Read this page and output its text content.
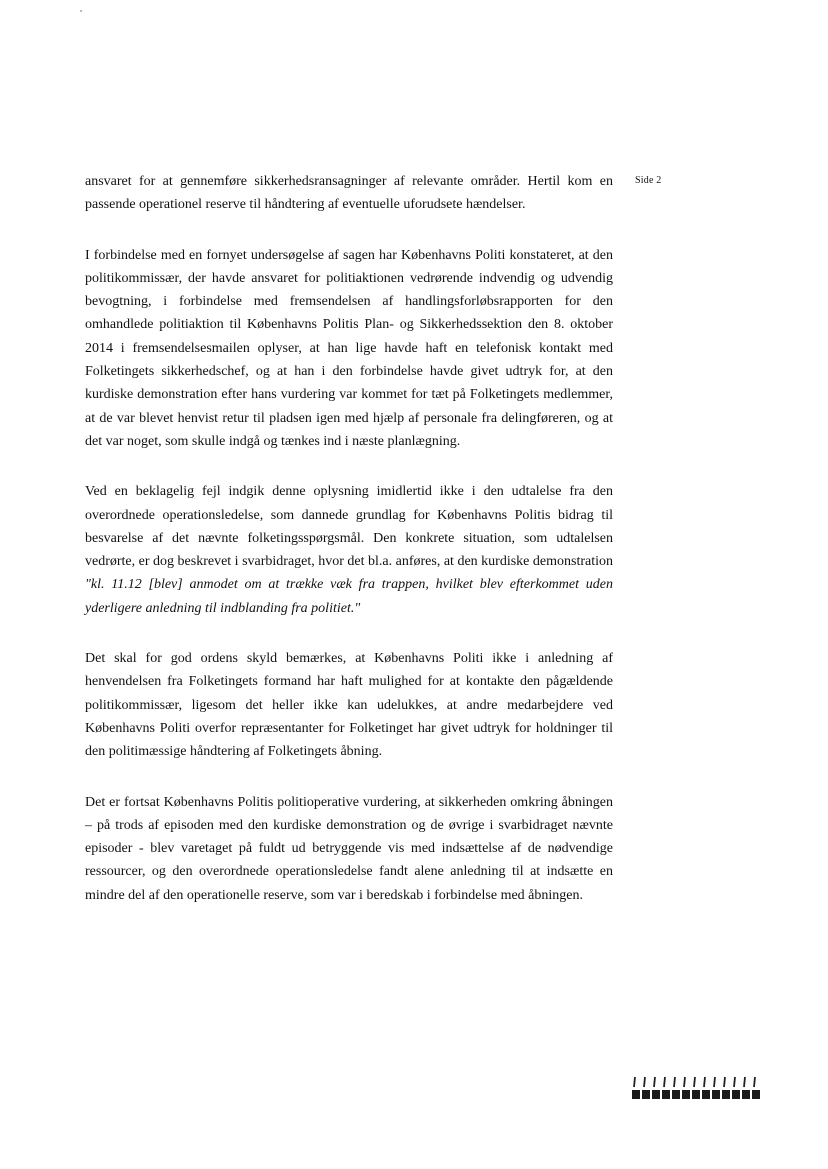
Side 2

ansvaret for at gennemføre sikkerhedsransagninger af relevante områder. Hertil kom en passende operationel reserve til håndtering af eventuelle uforudsete hændelser.

I forbindelse med en fornyet undersøgelse af sagen har Københavns Politi konstateret, at den politikommissær, der havde ansvaret for politiaktionen vedrørende indvendig og udvendig bevogtning, i forbindelse med fremsendelsen af handlingsforløbsrapporten for den omhandlede politiaktion til Københavns Politis Plan- og Sikkerhedssektion den 8. oktober 2014 i fremsendelsesmailen oplyser, at han lige havde haft en telefonisk kontakt med Folketingets sikkerhedschef, og at han i den forbindelse havde givet udtryk for, at den kurdiske demonstration efter hans vurdering var kommet for tæt på Folketingets medlemmer, at de var blevet henvist retur til pladsen igen med hjælp af personale fra delingføreren, og at det var noget, som skulle indgå og tænkes ind i næste planlægning.

Ved en beklagelig fejl indgik denne oplysning imidlertid ikke i den udtalelse fra den overordnede operationsledelse, som dannede grundlag for Københavns Politis bidrag til besvarelse af det nævnte folketingsspørgsmål. Den konkrete situation, som udtalelsen vedrørte, er dog beskrevet i svarbidraget, hvor det bl.a. anføres, at den kurdiske demonstration "kl. 11.12 [blev] anmodet om at trække væk fra trappen, hvilket blev efterkommet uden yderligere anledning til indblanding fra politiet."

Det skal for god ordens skyld bemærkes, at Københavns Politi ikke i anledning af henvendelsen fra Folketingets formand har haft mulighed for at kontakte den pågældende politikommissær, ligesom det heller ikke kan udelukkes, at andre medarbejdere ved Københavns Politi overfor repræsentanter for Folketinget har givet udtryk for holdninger til den politimæssige håndtering af Folketingets åbning.

Det er fortsat Københavns Politis politioperative vurdering, at sikkerheden omkring åbningen – på trods af episoden med den kurdiske demonstration og de øvrige i svarbidraget nævnte episoder - blev varetaget på fuldt ud betryggende vis med indsættelse af de nødvendige ressourcer, og den overordnede operationsledelse fandt alene anledning til at indsætte en mindre del af den operationelle reserve, som var i beredskab i forbindelse med åbningen.
